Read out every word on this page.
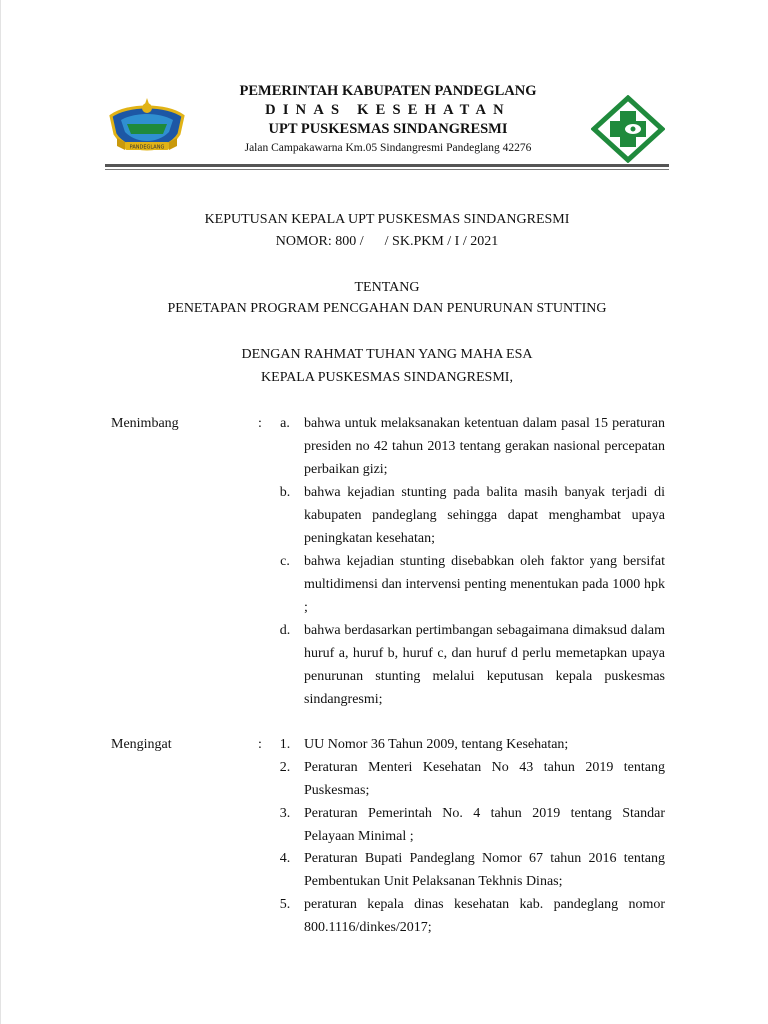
PANDEGLANG
PEMERINTAH KABUPATEN PANDEGLANG
DINAS KESEHATAN
UPT PUSKESMAS SINDANGRESMI
Jalan Campakawarna Km.05 Sindangresmi Pandeglang 42276
KEPUTUSAN KEPALA UPT PUSKESMAS SINDANGRESMI
NOMOR: 800 /      / SK.PKM / I / 2021
TENTANG
PENETAPAN PROGRAM PENCGAHAN DAN PENURUNAN STUNTING
DENGAN RAHMAT TUHAN YANG MAHA ESA
KEPALA PUSKESMAS SINDANGRESMI,
Menimbang	:	a.	bahwa untuk melaksanakan ketentuan dalam pasal 15 peraturan presiden no 42 tahun 2013 tentang gerakan nasional percepatan perbaikan gizi;
b. bahwa kejadian stunting pada balita masih banyak terjadi di kabupaten pandeglang sehingga dapat menghambat upaya peningkatan kesehatan;
c.	bahwa kejadian stunting disebabkan oleh faktor yang bersifat multidimensi dan intervensi penting menentukan pada 1000 hpk ;
d. bahwa berdasarkan pertimbangan sebagaimana dimaksud dalam huruf a, huruf b, huruf c, dan huruf d perlu memetapkan upaya penurunan stunting melalui keputusan kepala puskesmas sindangresmi;
Mengingat	:	1. UU Nomor 36 Tahun 2009, tentang Kesehatan;
2. Peraturan Menteri Kesehatan No 43 tahun 2019 tentang Puskesmas;
3. Peraturan Pemerintah No. 4 tahun 2019 tentang Standar Pelayaan Minimal ;
4. Peraturan Bupati Pandeglang Nomor 67 tahun 2016 tentang Pembentukan Unit Pelaksanan Tekhnis Dinas;
5. peraturan kepala dinas kesehatan kab. pandeglang nomor 800.1116/dinkes/2017;
